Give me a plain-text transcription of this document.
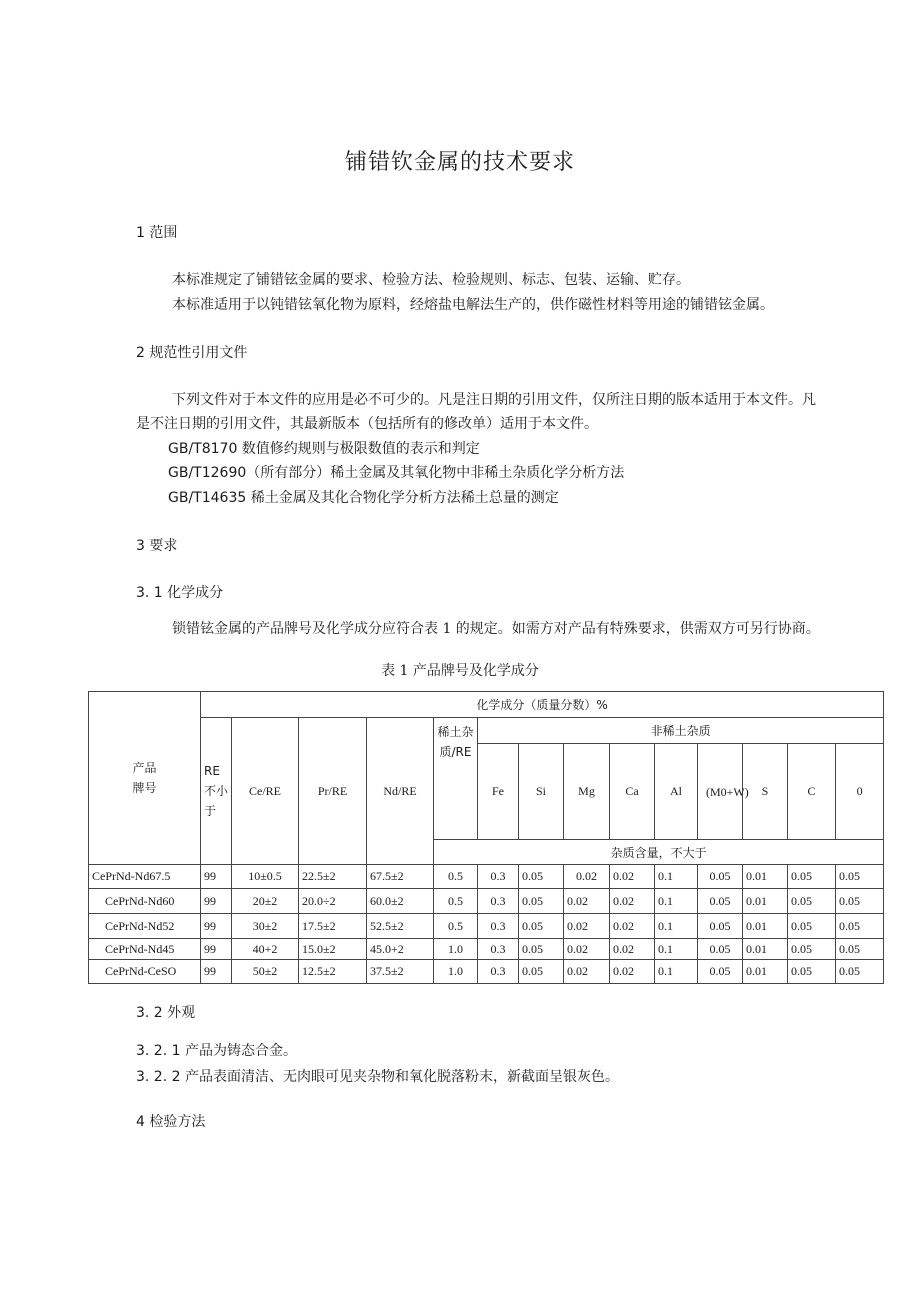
铺错钦金属的技术要求
1 范围
本标准规定了铺错铉金属的要求、检验方法、检验规则、标志、包装、运输、贮存。
本标准适用于以钝错铉氧化物为原料，经熔盐电解法生产的，供作磁性材料等用途的铺错铉金属。
2 规范性引用文件
下列文件对于本文件的应用是必不可少的。凡是注日期的引用文件，仅所注日期的版本适用于本文件。凡
是不注日期的引用文件，其最新版本（包括所有的修改单）适用于本文件。
GB/T8170 数值修约规则与极限数值的表示和判定
GB/T12690（所有部分）稀土金属及其氧化物中非稀土杂质化学分析方法
GB/T14635 稀土金属及其化合物化学分析方法稀土总量的测定
3 要求
3. 1 化学成分
锁错铉金属的产品牌号及化学成分应符合表 1 的规定。如需方对产品有特殊要求，供需双方可另行协商。
表 1 产品牌号及化学成分
产品
牌号	化学成分（质量分数）%													
	RE 不小于	Ce/RE	Pr/RE	Nd/RE	稀土杂质/RE	非稀土杂质								
						Fe	Si	Mg	Ca	Al	(M0+W)	S	C	0
					杂质含量，不大于									
CePrNd-Nd67.5	99	10±0.5	22.5±2	67.5±2	0.5	0.3	0.05	0.02	0.02	0.1	0.05	0.01	0.05	0.05
CePrNd-Nd60	99	20±2	20.0÷2	60.0±2	0.5	0.3	0.05	0.02	0.02	0.1	0.05	0.01	0.05	0.05
CePrNd-Nd52	99	30±2	17.5±2	52.5±2	0.5	0.3	0.05	0.02	0.02	0.1	0.05	0.01	0.05	0.05
CePrNd-Nd45	99	40+2	15.0±2	45.0+2	1.0	0.3	0.05	0.02	0.02	0.1	0.05	0.01	0.05	0.05
CePrNd-CeSO	99	50±2	12.5±2	37.5±2	1.0	0.3	0.05	0.02	0.02	0.1	0.05	0.01	0.05	0.05
3. 2 外观
3. 2. 1 产品为铸态合金。
3. 2. 2 产品表面清洁、无肉眼可见夹杂物和氧化脱落粉末，新截面呈银灰色。
4 检验方法
